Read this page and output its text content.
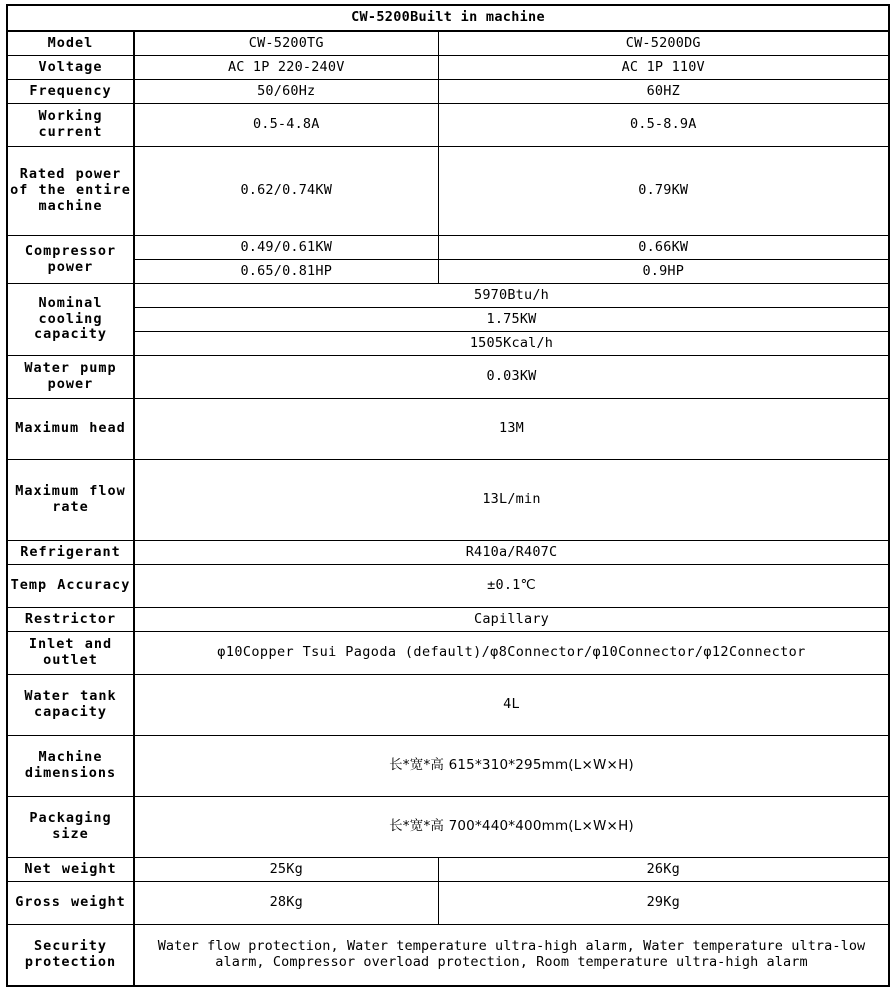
CW-5200Built in machine		
Model	CW-5200TG	CW-5200DG
Voltage	AC 1P 220-240V	AC 1P 110V
Frequency	50/60Hz	60HZ
Working current	0.5-4.8A	0.5-8.9A
Rated power of the entire machine	0.62/0.74KW	0.79KW
Compressor power	0.49/0.61KW	0.66KW
	0.65/0.81HP	0.9HP
Nominal cooling capacity	5970Btu/h	
	1.75KW	
	1505Kcal/h	
Water pump power	0.03KW	
Maximum head	13M	
Maximum flow rate	13L/min	
Refrigerant	R410a/R407C	
Temp Accuracy	±0.1℃	
Restrictor	Capillary	
Inlet and outlet	φ10Copper Tsui Pagoda (default)/φ8Connector/φ10Connector/φ12Connector	
Water tank capacity	4L	
Machine dimensions	长*宽*高 615*310*295mm(L×W×H)	
Packaging size	长*宽*高 700*440*400mm(L×W×H)	
Net weight	25Kg	26Kg
Gross weight	28Kg	29Kg
Security protection	Water flow protection, Water temperature ultra-high alarm, Water temperature ultra-low alarm, Compressor overload protection, Room temperature ultra-high alarm	
